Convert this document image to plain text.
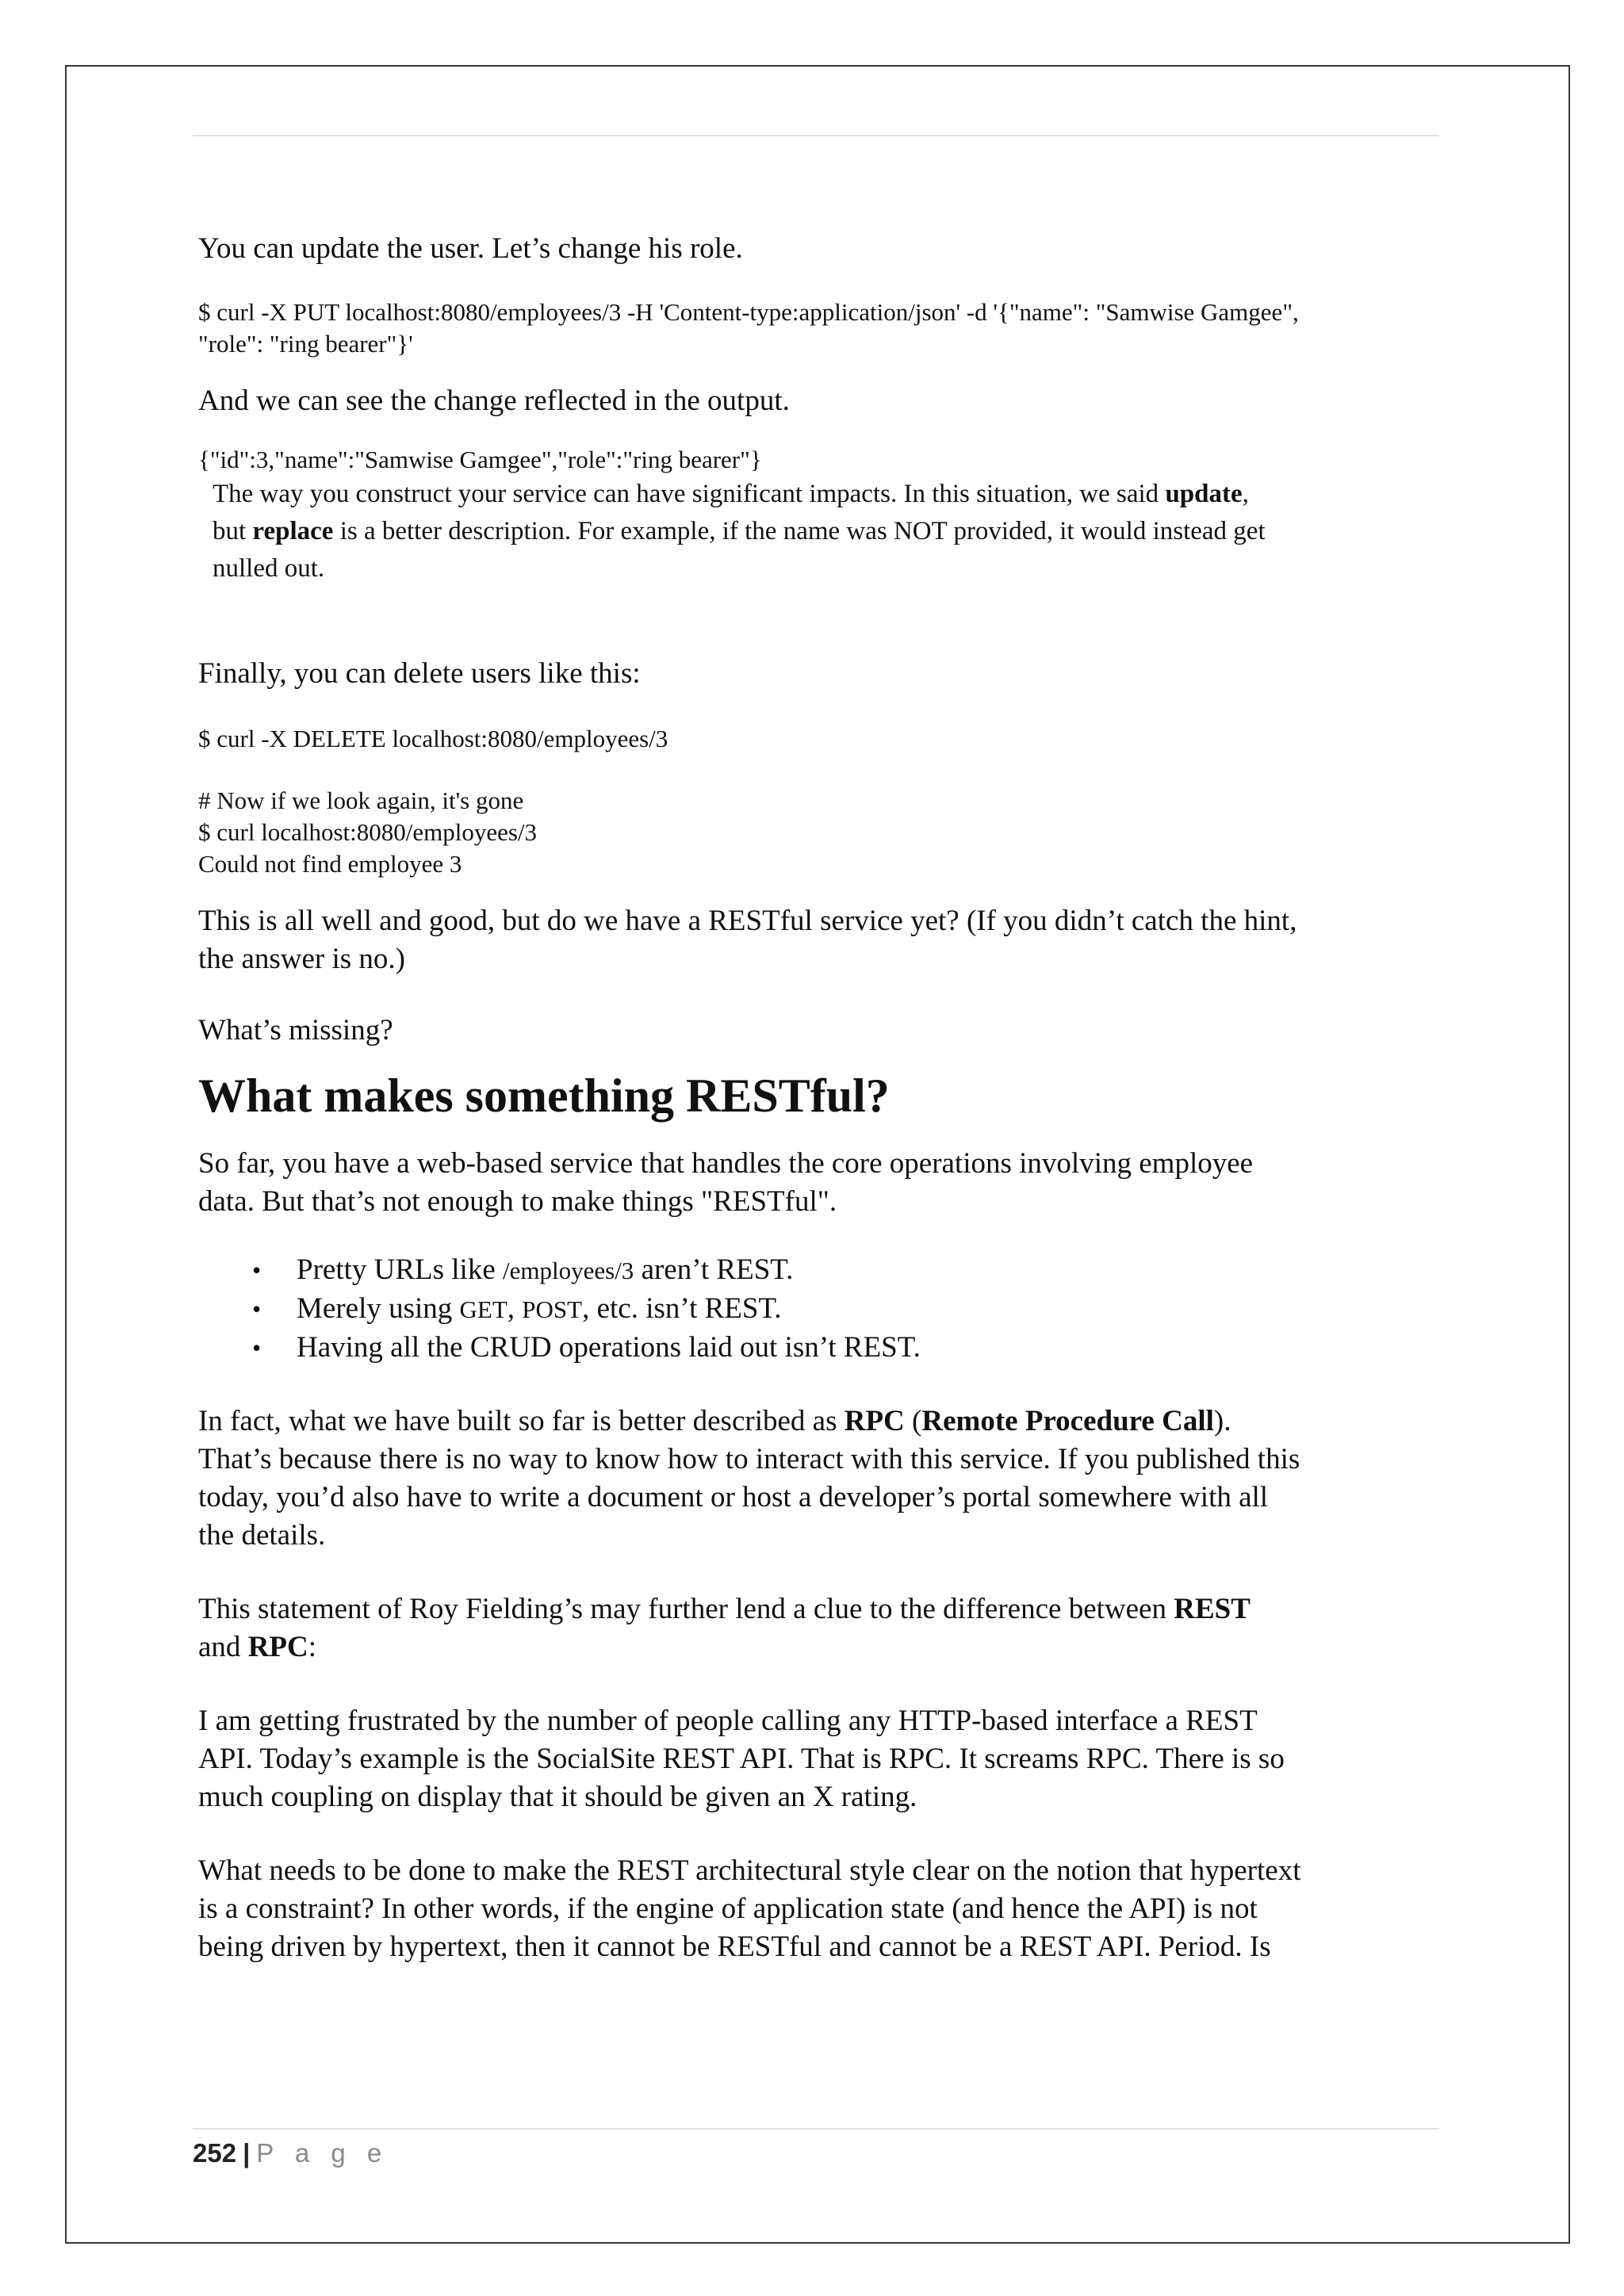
You can update the user. Let’s change his role.

$ curl -X PUT localhost:8080/employees/3 -H 'Content-type:application/json' -d '{"name": "Samwise Gamgee",

"role": "ring bearer"}'

And we can see the change reflected in the output.

{"id":3,"name":"Samwise Gamgee","role":"ring bearer"}

The way you construct your service can have significant impacts. In this situation, we said update,
but replace is a better description. For example, if the name was NOT provided, it would instead get
nulled out.

Finally, you can delete users like this:

$ curl -X DELETE localhost:8080/employees/3

# Now if we look again, it's gone

$ curl localhost:8080/employees/3

Could not find employee 3

This is all well and good, but do we have a RESTful service yet? (If you didn’t catch the hint,

the answer is no.)

What’s missing?

What makes something RESTful?

So far, you have a web-based service that handles the core operations involving employee

data. But that’s not enough to make things "RESTful".

• Pretty URLs like /employees/3 aren’t REST.
• Merely using GET, POST, etc. isn’t REST.
• Having all the CRUD operations laid out isn’t REST.
In fact, what we have built so far is better described as RPC (Remote Procedure Call).
That’s because there is no way to know how to interact with this service. If you published this
today, you’d also have to write a document or host a developer’s portal somewhere with all
the details.
This statement of Roy Fielding’s may further lend a clue to the difference between REST
and RPC:
I am getting frustrated by the number of people calling any HTTP-based interface a REST
API. Today’s example is the SocialSite REST API. That is RPC. It screams RPC. There is so
much coupling on display that it should be given an X rating.
What needs to be done to make the REST architectural style clear on the notion that hypertext
is a constraint? In other words, if the engine of application state (and hence the API) is not
being driven by hypertext, then it cannot be RESTful and cannot be a REST API. Period. Is
252 | P a g e
